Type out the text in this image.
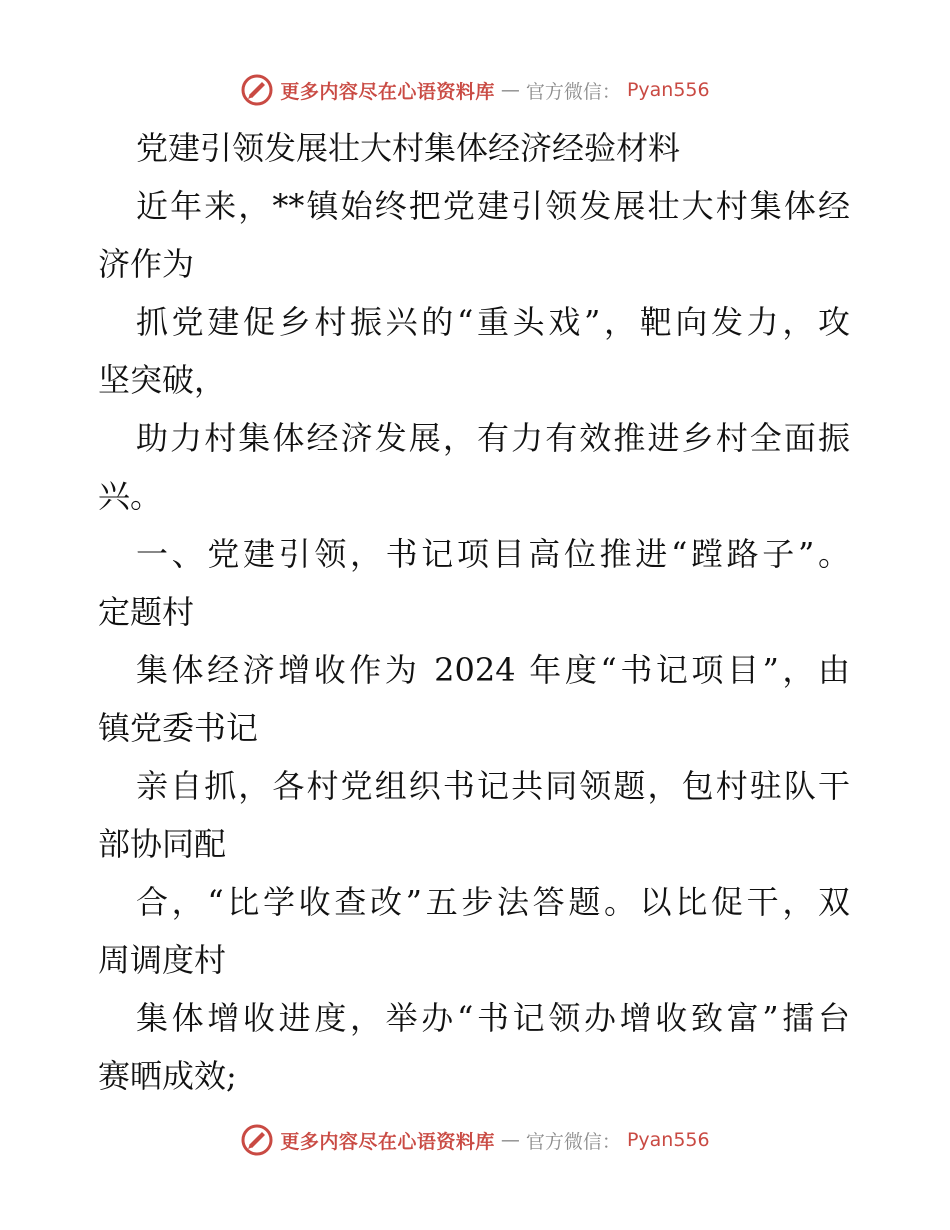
更多内容尽在心语资料库 — 官方微信： Pyan556
党建引领发展壮大村集体经济经验材料
近年来，**镇始终把党建引领发展壮大村集体经
济作为
抓党建促乡村振兴的“重头戏”，靶向发力，攻
坚突破，
助力村集体经济发展，有力有效推进乡村全面振
兴。
一、党建引领，书记项目高位推进“蹚路子”。
定题村
集体经济增收作为 2024 年度“书记项目”，由
镇党委书记
亲自抓，各村党组织书记共同领题，包村驻队干
部协同配
合，“比学收查改”五步法答题。以比促干，双
周调度村
集体增收进度，举办“书记领办增收致富”擂台
赛晒成效;
更多内容尽在心语资料库 — 官方微信： Pyan556
